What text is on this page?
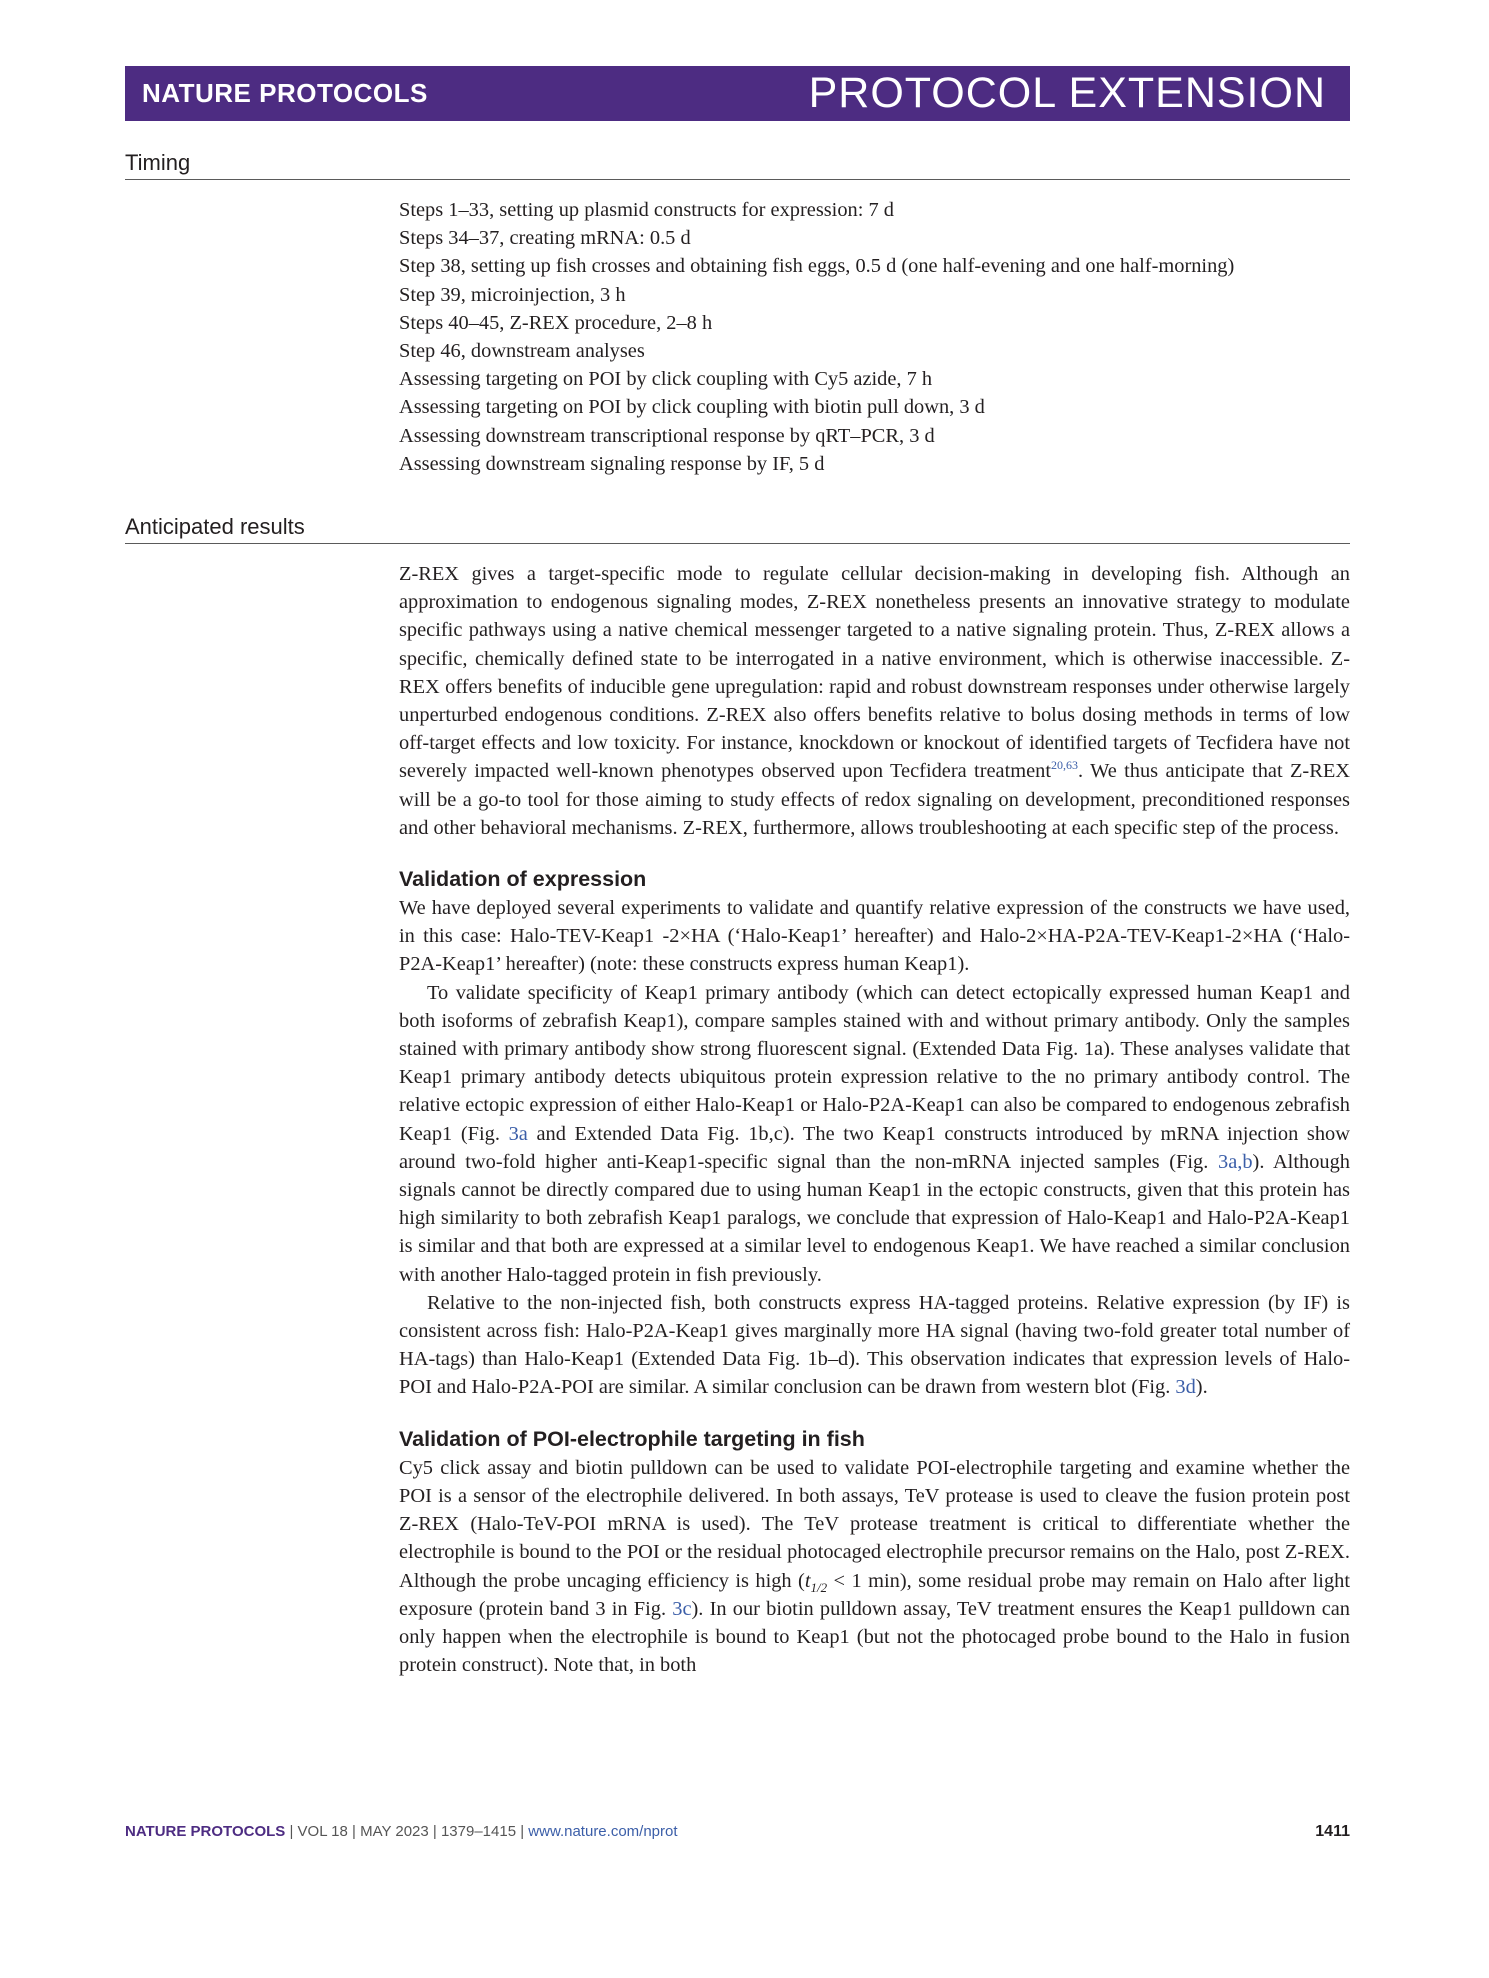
NATURE PROTOCOLS	PROTOCOL EXTENSION
Timing
Steps 1–33, setting up plasmid constructs for expression: 7 d
Steps 34–37, creating mRNA: 0.5 d
Step 38, setting up fish crosses and obtaining fish eggs, 0.5 d (one half-evening and one half-morning)
Step 39, microinjection, 3 h
Steps 40–45, Z-REX procedure, 2–8 h
Step 46, downstream analyses
Assessing targeting on POI by click coupling with Cy5 azide, 7 h
Assessing targeting on POI by click coupling with biotin pull down, 3 d
Assessing downstream transcriptional response by qRT–PCR, 3 d
Assessing downstream signaling response by IF, 5 d
Anticipated results

Z-REX gives a target-specific mode to regulate cellular decision-making in developing fish. Although an approximation to endogenous signaling modes, Z-REX nonetheless presents an innovative strategy to modulate specific pathways using a native chemical messenger targeted to a native signaling protein. Thus, Z-REX allows a specific, chemically defined state to be interrogated in a native environment, which is otherwise inaccessible. Z-REX offers benefits of inducible gene upregulation: rapid and robust downstream responses under otherwise largely unperturbed endogenous conditions. Z-REX also offers benefits relative to bolus dosing methods in terms of low off-target effects and low toxicity. For instance, knockdown or knockout of identified targets of Tecfidera have not severely impacted well-known phenotypes observed upon Tecfidera treatment$^{20,63}$. We thus anticipate that Z-REX will be a go-to tool for those aiming to study effects of redox signaling on development, preconditioned responses and other behavioral mechanisms. Z-REX, furthermore, allows troubleshooting at each specific step of the process.

Validation of expression

We have deployed several experiments to validate and quantify relative expression of the constructs we have used, in this case: Halo-TEV-Keap1 -2×HA (‘Halo-Keap1’ hereafter) and Halo-2×HA-P2A-TEV-Keap1-2×HA (‘Halo-P2A-Keap1’ hereafter) (note: these constructs express human Keap1).

To validate specificity of Keap1 primary antibody (which can detect ectopically expressed human Keap1 and both isoforms of zebrafish Keap1), compare samples stained with and without primary antibody. Only the samples stained with primary antibody show strong fluorescent signal. (Extended Data Fig. 1a). These analyses validate that Keap1 primary antibody detects ubiquitous protein expression relative to the no primary antibody control. The relative ectopic expression of either Halo-Keap1 or Halo-P2A-Keap1 can also be compared to endogenous zebrafish Keap1 (Fig. 3a and Extended Data Fig. 1b,c). The two Keap1 constructs introduced by mRNA injection show around two-fold higher anti-Keap1-specific signal than the non-mRNA injected samples (Fig. 3a,b). Although signals cannot be directly compared due to using human Keap1 in the ectopic constructs, given that this protein has high similarity to both zebrafish Keap1 paralogs, we conclude that expression of Halo-Keap1 and Halo-P2A-Keap1 is similar and that both are expressed at a similar level to endogenous Keap1. We have reached a similar conclusion with another Halo-tagged protein in fish previously.

Relative to the non-injected fish, both constructs express HA-tagged proteins. Relative expression (by IF) is consistent across fish: Halo-P2A-Keap1 gives marginally more HA signal (having two-fold greater total number of HA-tags) than Halo-Keap1 (Extended Data Fig. 1b–d). This observation indicates that expression levels of Halo-POI and Halo-P2A-POI are similar. A similar conclusion can be drawn from western blot (Fig. 3d).

Validation of POI-electrophile targeting in fish

Cy5 click assay and biotin pulldown can be used to validate POI-electrophile targeting and examine whether the POI is a sensor of the electrophile delivered. In both assays, TeV protease is used to cleave the fusion protein post Z-REX (Halo-TeV-POI mRNA is used). The TeV protease treatment is critical to differentiate whether the electrophile is bound to the POI or the residual photocaged electrophile precursor remains on the Halo, post Z-REX. Although the probe uncaging efficiency is high ($t_{1/2} < 1$ min), some residual probe may remain on Halo after light exposure (protein band 3 in Fig. 3c). In our biotin pulldown assay, TeV treatment ensures the Keap1 pulldown can only happen when the electrophile is bound to Keap1 (but not the photocaged probe bound to the Halo in fusion protein construct). Note that, in both

NATURE PROTOCOLS | VOL 18 | MAY 2023 | 1379–1415 | www.nature.com/nprot	1411
